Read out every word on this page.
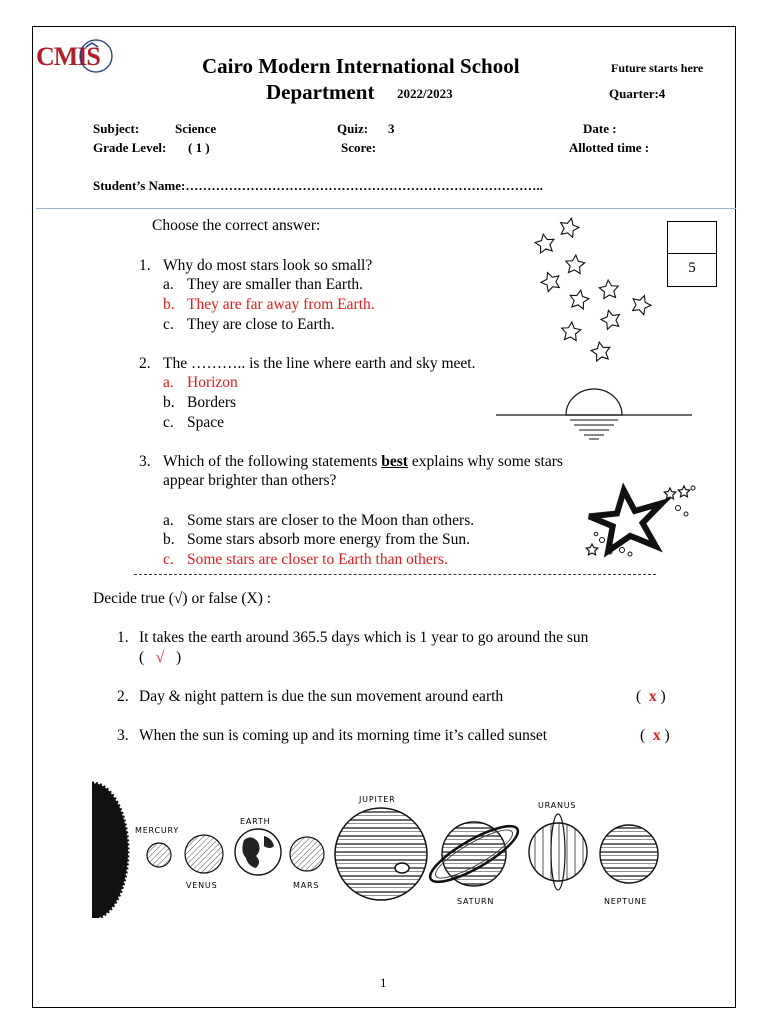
CMIS	Cairo Modern International School
Department 2022/2023
Future starts here
Quarter:4
Subject:	Science	Quiz: 3	Date :
Grade Level: ( 1 )	Score:	Allotted time :
Student’s Name:………………………………………………………………………..
5
Choose the correct answer:
1. Why do most stars look so small?
a. They are smaller than Earth.
b. They are far away from Earth.
c. They are close to Earth.
2. The ……….. is the line where earth and sky meet.
a. Horizon
b. Borders
c. Space
3. Which of the following statements best explains why some stars
appear brighter than others?
a. Some stars are closer to the Moon than others.
b. Some stars absorb more energy from the Sun.
c. Some stars are closer to Earth than others.
Decide true (√) or false (X) :
1. It takes the earth around 365.5 days which is 1 year to go around the sun
( √ )
2. Day & night pattern is due the sun movement around earth	( x )
3. When the sun is coming up and its morning time it’s called sunset	( x )
MERCURY
VENUS
EARTH
MARS
JUPITER
SATURN
URANUS
NEPTUNE
1
